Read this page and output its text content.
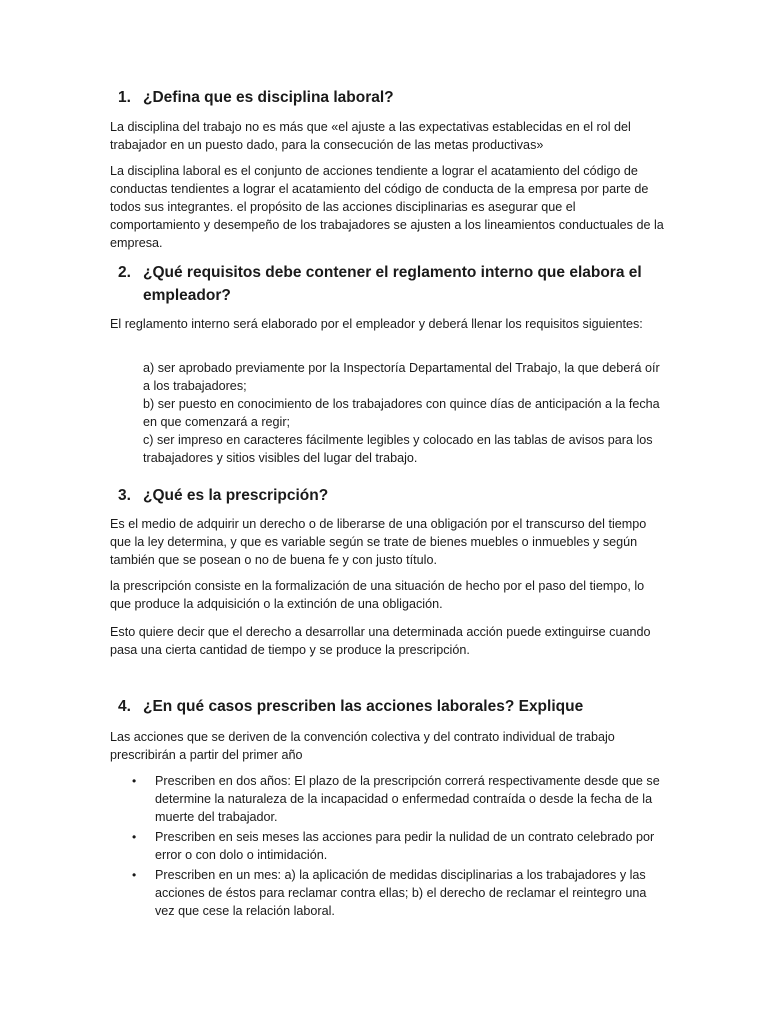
1. ¿Defina que es disciplina laboral?

La disciplina del trabajo no es más que «el ajuste a las expectativas establecidas en el rol del trabajador en un puesto dado, para la consecución de las metas productivas»

La disciplina laboral es el conjunto de acciones tendiente a lograr el acatamiento del código de conductas tendientes a lograr el acatamiento del código de conducta de la empresa por parte de todos sus integrantes. el propósito de las acciones disciplinarias es asegurar que el comportamiento y desempeño de los trabajadores se ajusten a los lineamientos conductuales de la empresa.

2. ¿Qué requisitos debe contener el reglamento interno que elabora el empleador?

El reglamento interno será elaborado por el empleador y deberá llenar los requisitos siguientes:

a) ser aprobado previamente por la Inspectoría Departamental del Trabajo, la que deberá oír a los trabajadores;
b) ser puesto en conocimiento de los trabajadores con quince días de anticipación a la fecha en que comenzará a regir;
c) ser impreso en caracteres fácilmente legibles y colocado en las tablas de avisos para los trabajadores y sitios visibles del lugar del trabajo.
3. ¿Qué es la prescripción?

Es el medio de adquirir un derecho o de liberarse de una obligación por el transcurso del tiempo que la ley determina, y que es variable según se trate de bienes muebles o inmuebles y según también que se posean o no de buena fe y con justo título.

la prescripción consiste en la formalización de una situación de hecho por el paso del tiempo, lo que produce la adquisición o la extinción de una obligación.

Esto quiere decir que el derecho a desarrollar una determinada acción puede extinguirse cuando pasa una cierta cantidad de tiempo y se produce la prescripción.

4. ¿En qué casos prescriben las acciones laborales? Explique

Las acciones que se deriven de la convención colectiva y del contrato individual de trabajo prescribirán a partir del primer año

• Prescriben en dos años: El plazo de la prescripción correrá respectivamente desde que se determine la naturaleza de la incapacidad o enfermedad contraída o desde la fecha de la muerte del trabajador.
• Prescriben en seis meses las acciones para pedir la nulidad de un contrato celebrado por error o con dolo o intimidación.
• Prescriben en un mes: a) la aplicación de medidas disciplinarias a los trabajadores y las acciones de éstos para reclamar contra ellas; b) el derecho de reclamar el reintegro una vez que cese la relación laboral.
